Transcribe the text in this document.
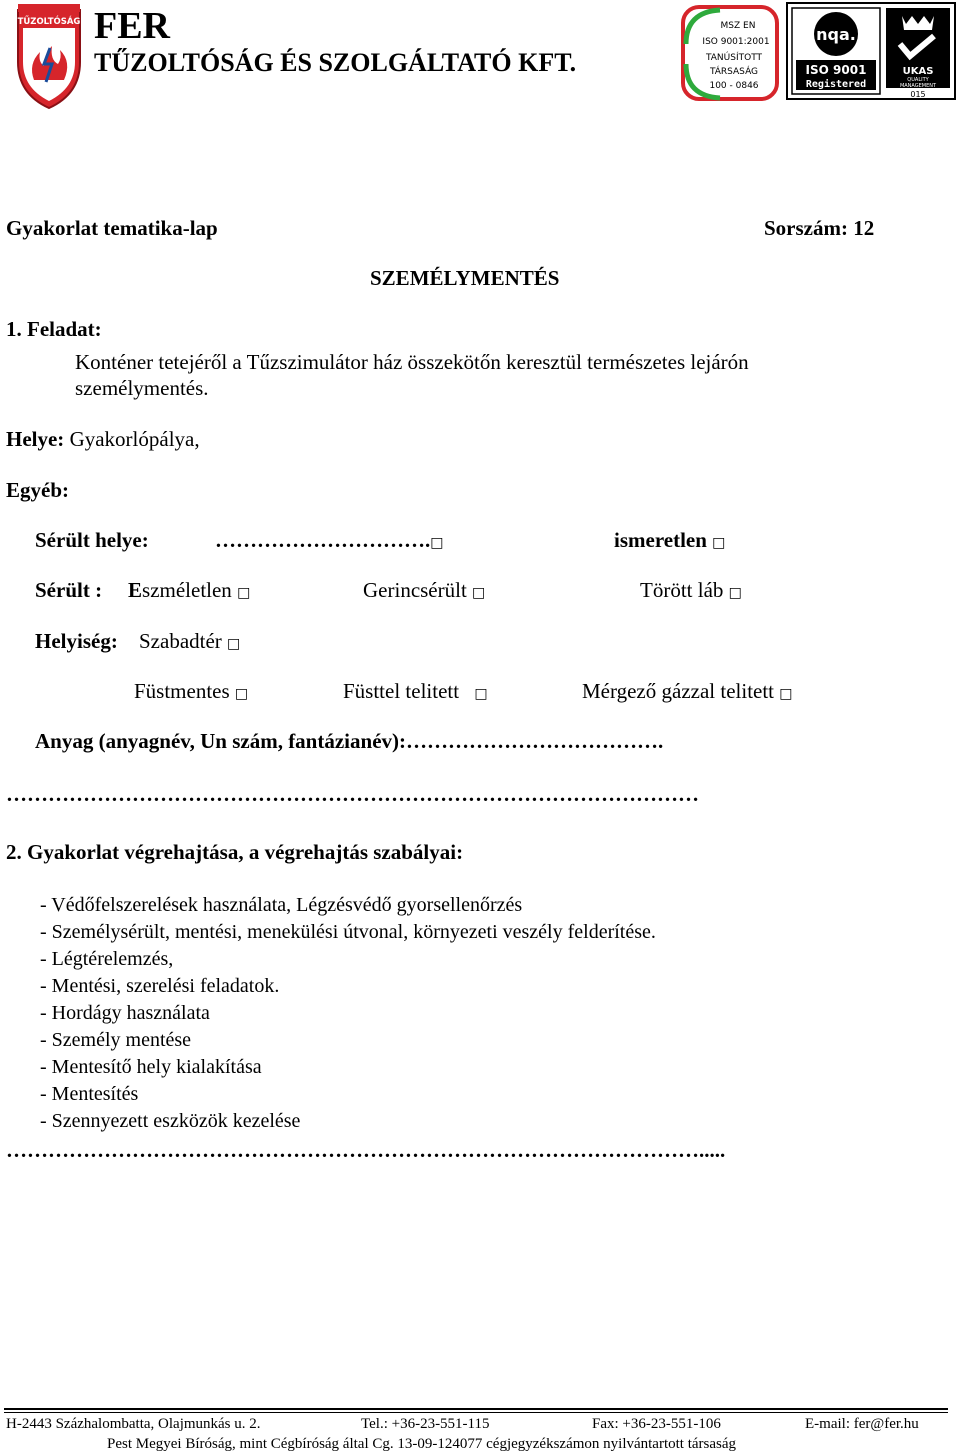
TŰZOLTÓSÁG FER
TŰZOLTÓSÁG ÉS SZOLGÁLTATÓ KFT.
MSZ EN
ISO 9001:2001
TANÚSÍTOTT
TÁRSASÁG
100 - 0846
nqa.
ISO 9001
Registered
UKAS
QUALITY
MANAGEMENT
015
Gyakorlat tematika-lap	Sorszám: 12
SZEMÉLYMENTÉS
1. Feladat:
Konténer tetejéről a Tűzszimulátor ház összekötőn keresztül természetes lejárón
személymentés.
Helye: Gyakorlópálya,
Egyéb:
Sérült helye:	………………………….□	ismeretlen □
Sérült : Eszméletlen □	Gerincsérült □	Törött láb □
Helyiség: Szabadtér □
Füstmentes □	Füsttel telitett □	Mérgező gázzal telitett □
Anyag (anyagnév, Un szám, fantázianév):……………………………….
………………………………………………………………………………………
2. Gyakorlat végrehajtása, a végrehajtás szabályai:
- Védőfelszerelések használata, Légzésvédő gyorsellenőrzés
- Személysérült, mentési, menekülési útvonal, környezeti veszély felderítése.
- Légtérelemzés,
- Mentési, szerelési feladatok.
- Hordágy használata
- Személy mentése
- Mentesítő hely kialakítása
- Mentesítés
- Szennyezett eszközök kezelése
……………………………………………………………………………………….....
H-2443 Százhalombatta, Olajmunkás u. 2.	Tel.: +36-23-551-115	Fax: +36-23-551-106	E-mail: fer@fer.hu
Pest Megyei Bíróság, mint Cégbíróság által Cg. 13-09-124077 cégjegyzékszámon nyilvántartott társaság
